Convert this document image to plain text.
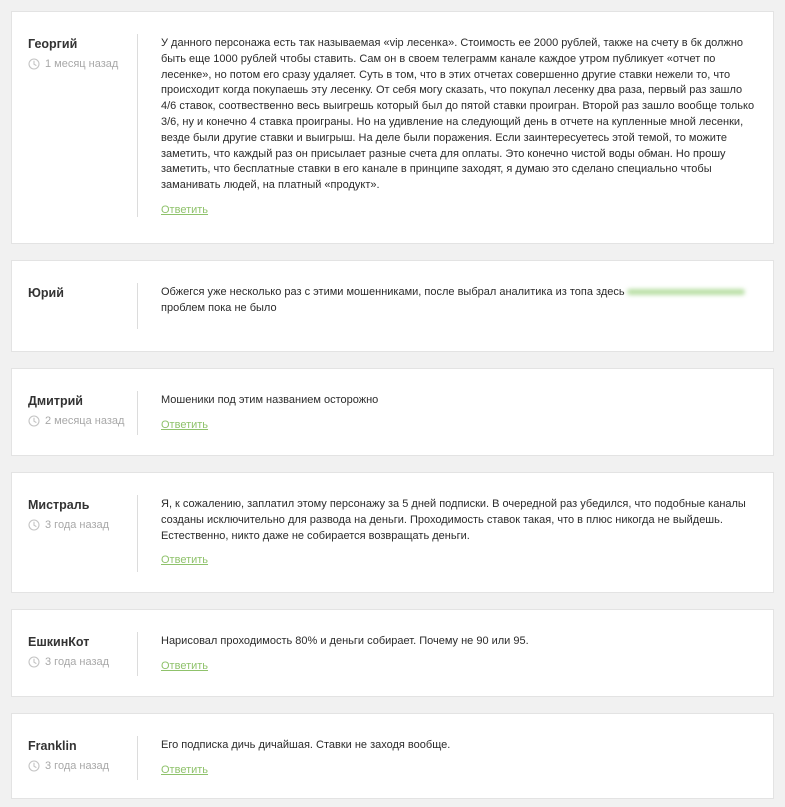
Георгий
1 месяц назад

У данного персонажа есть так называемая «vip лесенка». Стоимость ее 2000 рублей, также на счету в бк должно быть еще 1000 рублей чтобы ставить. Сам он в своем телеграмм канале каждое утром публикует «отчет по лесенке», но потом его сразу удаляет. Суть в том, что в этих отчетах совершенно другие ставки нежели то, что происходит когда покупаешь эту лесенку. От себя могу сказать, что покупал лесенку два раза, первый раз зашло 4/6 ставок, соотвественно весь выигрешь который был до пятой ставки проигран. Второй раз зашло вообще только 3/6, ну и конечно 4 ставка проиграны. Но на удивление на следующий день в отчете на купленные мной лесенки, везде были другие ставки и выигрыш. На деле были поражения. Если заинтересуетесь этой темой, то можите заметить, что каждый раз он присылает разные счета для оплаты. Это конечно чистой воды обман. Но прошу заметить, что бесплатные ставки в его канале в принципе заходят, я думаю это сделано специально чтобы заманивать людей, на платный «продукт».

Ответить
Юрий	Обжегся уже несколько раз с этими мошенниками, после выбрал аналитика из топа здесь
проблем пока не было

Дмитрий
2 месяца назад

Мошеники под этим названием осторожно

Ответить
Мистраль
3 года назад

Я, к сожалению, заплатил этому персонажу за 5 дней подписки. В очередной раз убедился, что подобные каналы созданы исключительно для развода на деньги. Проходимость ставок такая, что в плюс никогда не выйдешь. Естественно, никто даже не собирается возвращать деньги.

Ответить
ЕшкинКот
3 года назад

Нарисовал проходимость 80% и деньги собирает. Почему не 90 или 95.

Ответить
Franklin
3 года назад

Его подписка дичь дичайшая. Ставки не заходя вообще.

Ответить
